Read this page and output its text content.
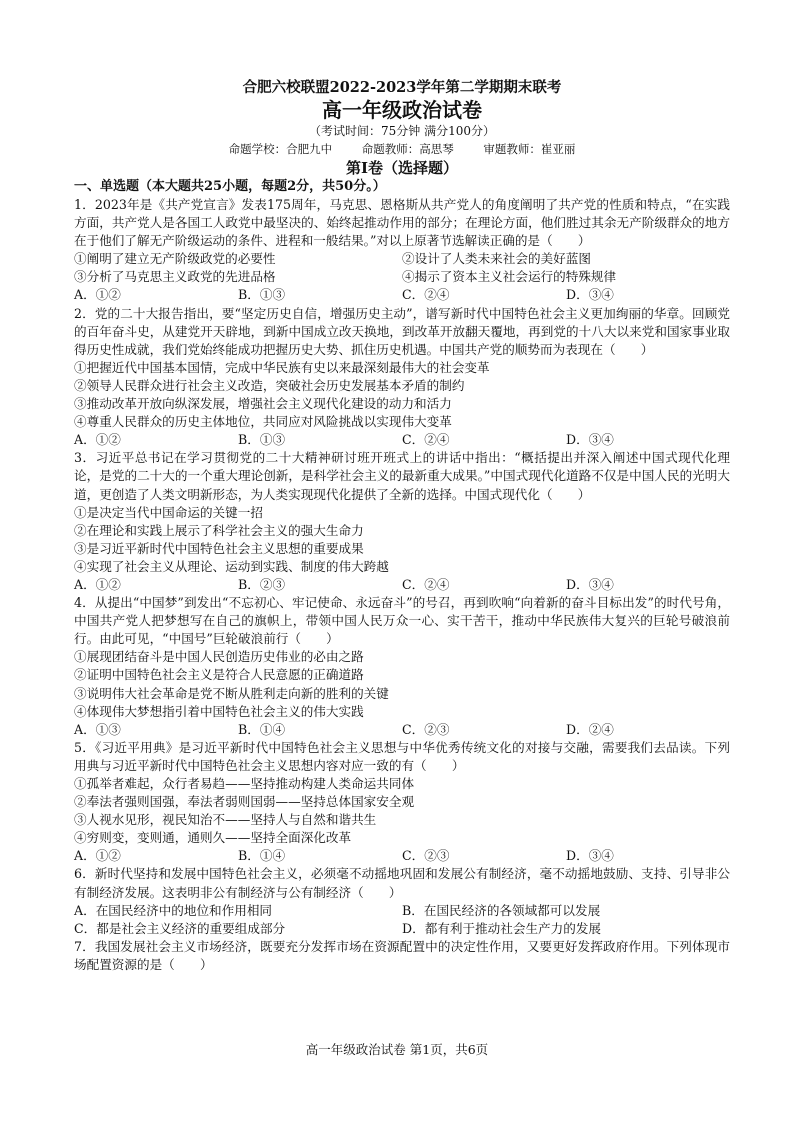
合肥六校联盟2022-2023学年第二学期期末联考
高一年级政治试卷
（考试时间：75分钟 满分100分）
命题学校：合肥九中	命题教师：高思琴	审题教师：崔亚丽
第Ⅰ卷（选择题）
一、单选题（本大题共25小题，每题2分，共50分。）

1．2023年是《共产党宣言》发表175周年，马克思、恩格斯从共产党人的角度阐明了共产党的性质和特点，“在实践方面，共产党人是各国工人政党中最坚决的、始终起推动作用的部分；在理论方面，他们胜过其余无产阶级群众的地方在于他们了解无产阶级运动的条件、进程和一般结果。”对以上原著节选解读正确的是（　　）

①阐明了建立无产阶级政党的必要性	②设计了人类未来社会的美好蓝图
③分析了马克思主义政党的先进品格	④揭示了资本主义社会运行的特殊规律
A．①②	B．①③	C．②④	D．③④

2．党的二十大报告指出，要“坚定历史自信，增强历史主动”，谱写新时代中国特色社会主义更加绚丽的华章。回顾党的百年奋斗史，从建党开天辟地，到新中国成立改天换地，到改革开放翻天覆地，再到党的十八大以来党和国家事业取得历史性成就，我们党始终能成功把握历史大势、抓住历史机遇。中国共产党的顺势而为表现在（　　）

①把握近代中国基本国情，完成中华民族有史以来最深刻最伟大的社会变革

②领导人民群众进行社会主义改造，突破社会历史发展基本矛盾的制约

③推动改革开放向纵深发展，增强社会主义现代化建设的动力和活力

④尊重人民群众的历史主体地位，共同应对风险挑战以实现伟大变革

A．①②	B．①③	C．②④	D．③④

3．习近平总书记在学习贯彻党的二十大精神研讨班开班式上的讲话中指出：“概括提出并深入阐述中国式现代化理论，是党的二十大的一个重大理论创新，是科学社会主义的最新重大成果。”中国式现代化道路不仅是中国人民的光明大道，更创造了人类文明新形态，为人类实现现代化提供了全新的选择。中国式现代化（　　）

①是决定当代中国命运的关键一招

②在理论和实践上展示了科学社会主义的强大生命力

③是习近平新时代中国特色社会主义思想的重要成果

④实现了社会主义从理论、运动到实践、制度的伟大跨越

A．①②	B．②③	C．②④	D．③④

4．从提出“中国梦”到发出“不忘初心、牢记使命、永远奋斗”的号召，再到吹响“向着新的奋斗目标出发”的时代号角，中国共产党人把梦想写在自己的旗帜上，带领中国人民万众一心、实干苦干，推动中华民族伟大复兴的巨轮号破浪前行。由此可见，“中国号”巨轮破浪前行（　　）

①展现团结奋斗是中国人民创造历史伟业的必由之路

②证明中国特色社会主义是符合人民意愿的正确道路

③说明伟大社会革命是党不断从胜利走向新的胜利的关键

④体现伟大梦想指引着中国特色社会主义的伟大实践

A．①③	B．①④	C．②③	D．②④

5．《习近平用典》是习近平新时代中国特色社会主义思想与中华优秀传统文化的对接与交融，需要我们去品读。下列用典与习近平新时代中国特色社会主义思想内容对应一致的有（　　）

①孤举者难起，众行者易趋——坚持推动构建人类命运共同体

②奉法者强则国强，奉法者弱则国弱——坚持总体国家安全观

③人视水见形，视民知治不——坚持人与自然和谐共生

④穷则变，变则通，通则久——坚持全面深化改革

A．①②	B．①④	C．②③	D．③④

6．新时代坚持和发展中国特色社会主义，必须毫不动摇地巩固和发展公有制经济，毫不动摇地鼓励、支持、引导非公有制经济发展。这表明非公有制经济与公有制经济（　　）

A．在国民经济中的地位和作用相同	B．在国民经济的各领域都可以发展
C．都是社会主义经济的重要组成部分	D．都有利于推动社会生产力的发展

7．我国发展社会主义市场经济，既要充分发挥市场在资源配置中的决定性作用，又要更好发挥政府作用。下列体现市场配置资源的是（　　）

高一年级政治试卷 第1页，共6页
